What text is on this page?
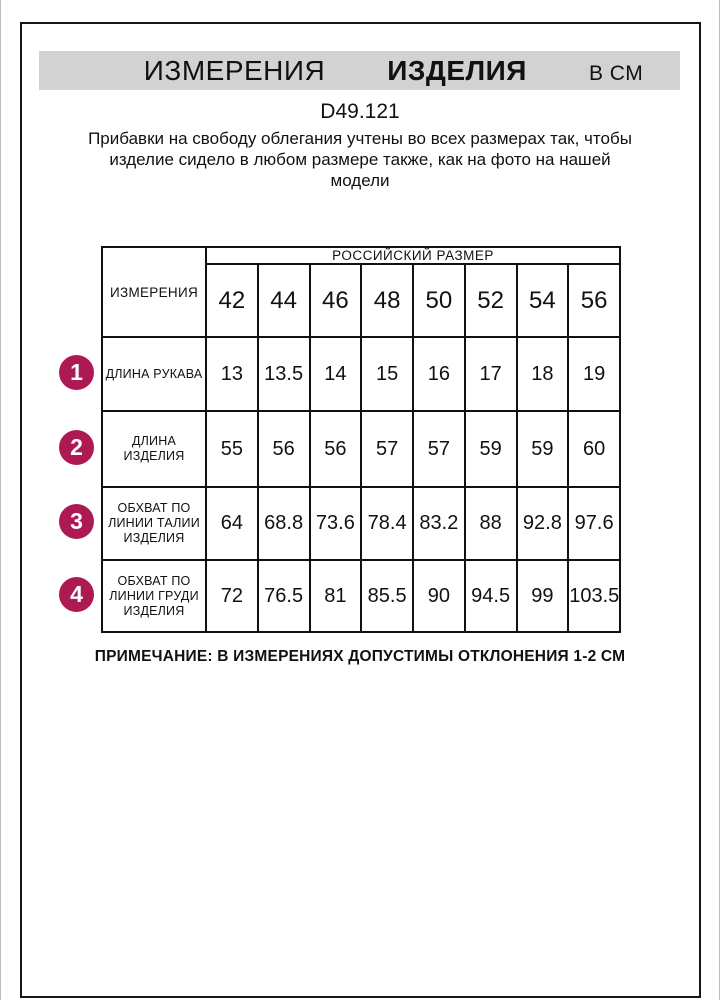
ИЗМЕРЕНИЯ ИЗДЕЛИЯ	В СМ
D49.121
Прибавки на свободу облегания учтены во всех размерах так, чтобы
изделие сидело в любом размере также, как на фото на нашей
модели
ИЗМЕРЕНИЯ	РОССИЙСКИЙ РАЗМЕР							
	42	44	46	48	50	52	54	56

ДЛИНА РУКАВА	13	13.5	14	15	16	17	18	19

ДЛИНА
ИЗДЕЛИЯ	55	56	56	57	57	59	59	60

ОБХВАТ ПО
ЛИНИИ ТАЛИИ
ИЗДЕЛИЯ	64	68.8	73.6	78.4	83.2	88	92.8	97.6

ОБХВАТ ПО
ЛИНИИ ГРУДИ
ИЗДЕЛИЯ	72	76.5	81	85.5	90	94.5	99	103.5
ПРИМЕЧАНИЕ: В ИЗМЕРЕНИЯХ ДОПУСТИМЫ ОТКЛОНЕНИЯ 1-2 СМ
1
2
3
4
